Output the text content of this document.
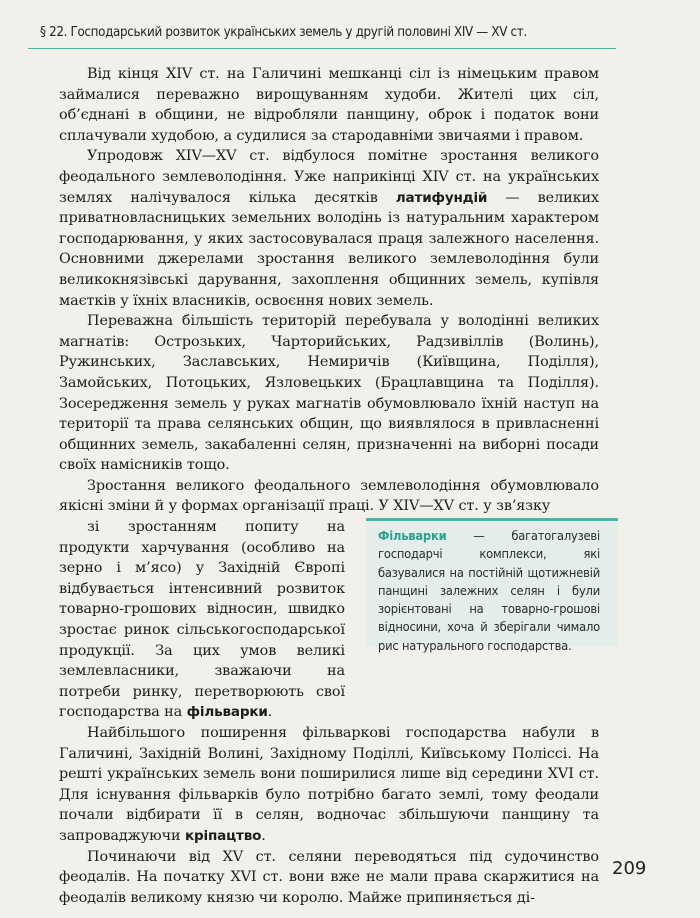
§ 22. Господарський розвиток українських земель у другій половині XIV — XV ст.

Від кінця XIV ст. на Галичині мешканці сіл із німецьким правом займалися переважно вирощуванням худоби. Жителі цих сіл, об’єднані в общини, не відробляли панщину, оброк і податок вони сплачували худобою, а судилися за стародавніми звичаями і правом.

Упродовж XIV—XV ст. відбулося помітне зростання великого феодального землеволодіння. Уже наприкінці XIV ст. на українських землях налічувалося кілька десятків латифундій — великих приватновласницьких земельних володінь із натуральним характером господарювання, у яких застосовувалася праця залежного населення. Основними джерелами зростання великого землеволодіння були великокнязівські дарування, захоплення общинних земель, купівля маєтків у їхніх власників, освоєння нових земель.

Переважна більшість територій перебувала у володінні великих магнатів: Острозьких, Чарторийських, Радзивіллів (Волинь), Ружинських, Заславських, Немиричів (Київщина, Поділля), Замойських, Потоцьких, Язловецьких (Брацлавщина та Поділля). Зосередження земель у руках магнатів обумовлювало їхній наступ на території та права селянських общин, що виявлялося в привласненні общинних земель, закабаленні селян, призначенні на виборні посади своїх намісників тощо.

Зростання великого феодального землеволодіння обумовлювало якісні зміни й у формах організації праці. У XIV—XV ст. у зв’язку

зі зростанням попиту на продукти харчування (особливо на зерно і м’ясо) у Західній Європі відбувається інтенсивний розвиток товарно-грошових відносин, швидко зростає ринок сільськогосподарської продукції. За цих умов великі землевласники, зважаючи на потреби ринку, перетворюють свої господарства на фільварки.

Найбільшого поширення фільваркові господарства набули в Галичині, Західній Волині, Західному Поділлі, Київському Поліссі. На решті українських земель вони поширилися лише від середини XVI ст. Для існування фільварків було потрібно багато землі, тому феодали почали відбирати її в селян, водночас збільшуючи панщину та запроваджуючи кріпацтво.

Починаючи від XV ст. селяни переводяться під судочинство феодалів. На початку XVI ст. вони вже не мали права скаржитися на феодалів великому князю чи королю. Майже припиняється ді-

Фільварки — багатогалузеві господарчі комплекси, які базувалися на постійній щотижневій панщині залежних селян і були зорієнтовані на товарно-грошові відносини, хоча й зберігали чимало рис натурального господарства.
209
